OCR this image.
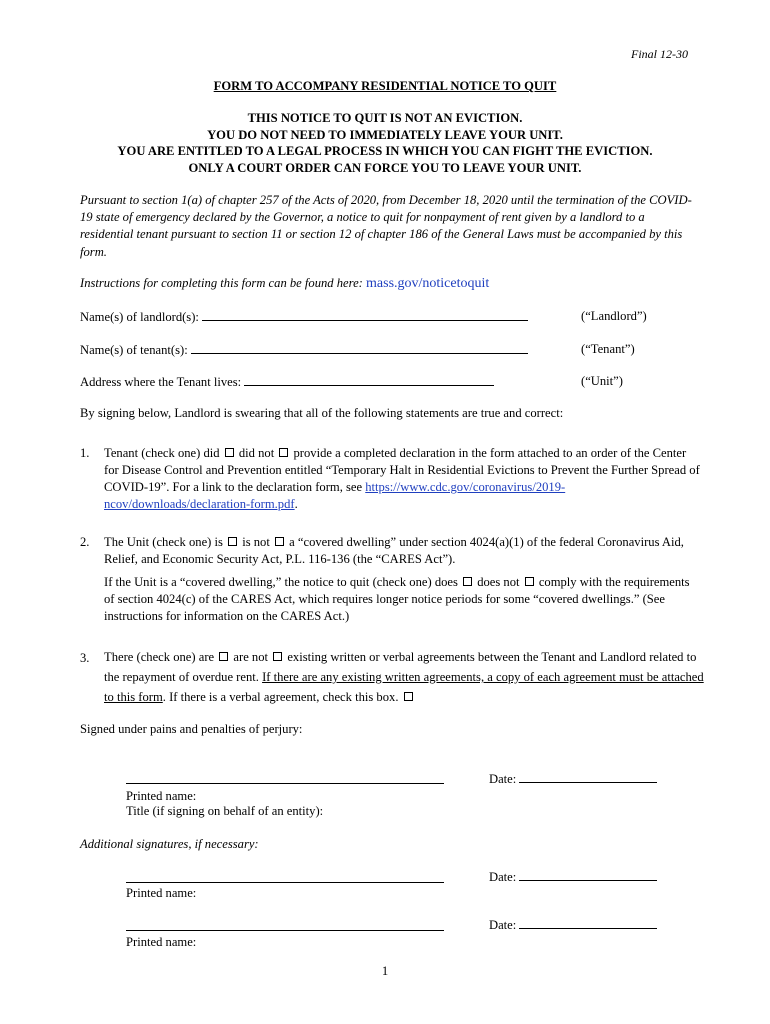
Final 12-30
FORM TO ACCOMPANY RESIDENTIAL NOTICE TO QUIT
THIS NOTICE TO QUIT IS NOT AN EVICTION.
YOU DO NOT NEED TO IMMEDIATELY LEAVE YOUR UNIT.
YOU ARE ENTITLED TO A LEGAL PROCESS IN WHICH YOU CAN FIGHT THE EVICTION.
ONLY A COURT ORDER CAN FORCE YOU TO LEAVE YOUR UNIT.
Pursuant to section 1(a) of chapter 257 of the Acts of 2020, from December 18, 2020 until the termination of the COVID-19 state of emergency declared by the Governor, a notice to quit for nonpayment of rent given by a landlord to a residential tenant pursuant to section 11 or section 12 of chapter 186 of the General Laws must be accompanied by this form.
Instructions for completing this form can be found here: mass.gov/noticetoquit
Name(s) of landlord(s):	(“Landlord”)
Name(s) of tenant(s):	(“Tenant”)
Address where the Tenant lives:	(“Unit”)
By signing below, Landlord is swearing that all of the following statements are true and correct:
1. Tenant (check one) did  did not  provide a completed declaration in the form attached to an order of the Center for Disease Control and Prevention entitled “Temporary Halt in Residential Evictions to Prevent the Further Spread of COVID-19”. For a link to the declaration form, see https://www.cdc.gov/coronavirus/2019-ncov/downloads/declaration-form.pdf.
2. The Unit (check one) is  is not  a “covered dwelling” under section 4024(a)(1) of the federal Coronavirus Aid, Relief, and Economic Security Act, P.L. 116-136 (the “CARES Act”).
If the Unit is a “covered dwelling,” the notice to quit (check one) does  does not  comply with the requirements of section 4024(c) of the CARES Act, which requires longer notice periods for some “covered dwellings.” (See instructions for information on the CARES Act.)
3. There (check one) are  are not  existing written or verbal agreements between the Tenant and Landlord related to the repayment of overdue rent. If there are any existing written agreements, a copy of each agreement must be attached to this form. If there is a verbal agreement, check this box.
Signed under pains and penalties of perjury:
Date:
Printed name:
Title (if signing on behalf of an entity):
Additional signatures, if necessary:
Date:
Printed name:
Date:
Printed name:
1
